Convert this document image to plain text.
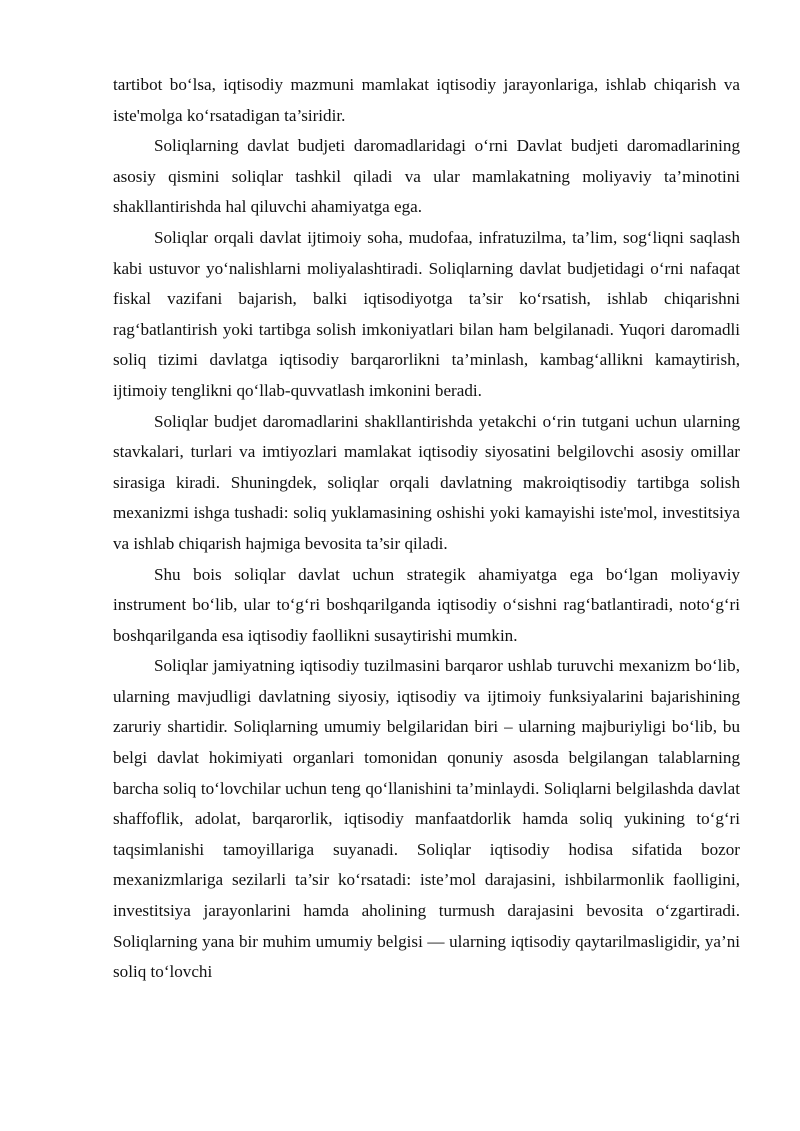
tartibot bo‘lsa, iqtisodiy mazmuni mamlakat iqtisodiy jarayonlariga, ishlab chiqarish va iste'molga ko‘rsatadigan ta’siridir.

Soliqlarning davlat budjeti daromadlaridagi o‘rni Davlat budjeti daromadlarining asosiy qismini soliqlar tashkil qiladi va ular mamlakatning moliyaviy ta’minotini shakllantirishda hal qiluvchi ahamiyatga ega.

Soliqlar orqali davlat ijtimoiy soha, mudofaa, infratuzilma, ta’lim, sog‘liqni saqlash kabi ustuvor yo‘nalishlarni moliyalashtiradi. Soliqlarning davlat budjetidagi o‘rni nafaqat fiskal vazifani bajarish, balki iqtisodiyotga ta’sir ko‘rsatish, ishlab chiqarishni rag‘batlantirish yoki tartibga solish imkoniyatlari bilan ham belgilanadi. Yuqori daromadli soliq tizimi davlatga iqtisodiy barqarorlikni ta’minlash, kambag‘allikni kamaytirish, ijtimoiy tenglikni qo‘llab-quvvatlash imkonini beradi.

Soliqlar budjet daromadlarini shakllantirishda yetakchi o‘rin tutgani uchun ularning stavkalari, turlari va imtiyozlari mamlakat iqtisodiy siyosatini belgilovchi asosiy omillar sirasiga kiradi. Shuningdek, soliqlar orqali davlatning makroiqtisodiy tartibga solish mexanizmi ishga tushadi: soliq yuklamasining oshishi yoki kamayishi iste'mol, investitsiya va ishlab chiqarish hajmiga bevosita ta’sir qiladi.

Shu bois soliqlar davlat uchun strategik ahamiyatga ega bo‘lgan moliyaviy instrument bo‘lib, ular to‘g‘ri boshqarilganda iqtisodiy o‘sishni rag‘batlantiradi, noto‘g‘ri boshqarilganda esa iqtisodiy faollikni susaytirishi mumkin.

Soliqlar jamiyatning iqtisodiy tuzilmasini barqaror ushlab turuvchi mexanizm bo‘lib, ularning mavjudligi davlatning siyosiy, iqtisodiy va ijtimoiy funksiyalarini bajarishining zaruriy shartidir. Soliqlarning umumiy belgilaridan biri – ularning majburiyligi bo‘lib, bu belgi davlat hokimiyati organlari tomonidan qonuniy asosda belgilangan talablarning barcha soliq to‘lovchilar uchun teng qo‘llanishini ta’minlaydi. Soliqlarni belgilashda davlat shaffoflik, adolat, barqarorlik, iqtisodiy manfaatdorlik hamda soliq yukining to‘g‘ri taqsimlanishi tamoyillariga suyanadi. Soliqlar iqtisodiy hodisa sifatida bozor mexanizmlariga sezilarli ta’sir ko‘rsatadi: iste’mol darajasini, ishbilarmonlik faolligini, investitsiya jarayonlarini hamda aholining turmush darajasini bevosita o‘zgartiradi. Soliqlarning yana bir muhim umumiy belgisi — ularning iqtisodiy qaytarilmasligidir, ya’ni soliq to‘lovchi
